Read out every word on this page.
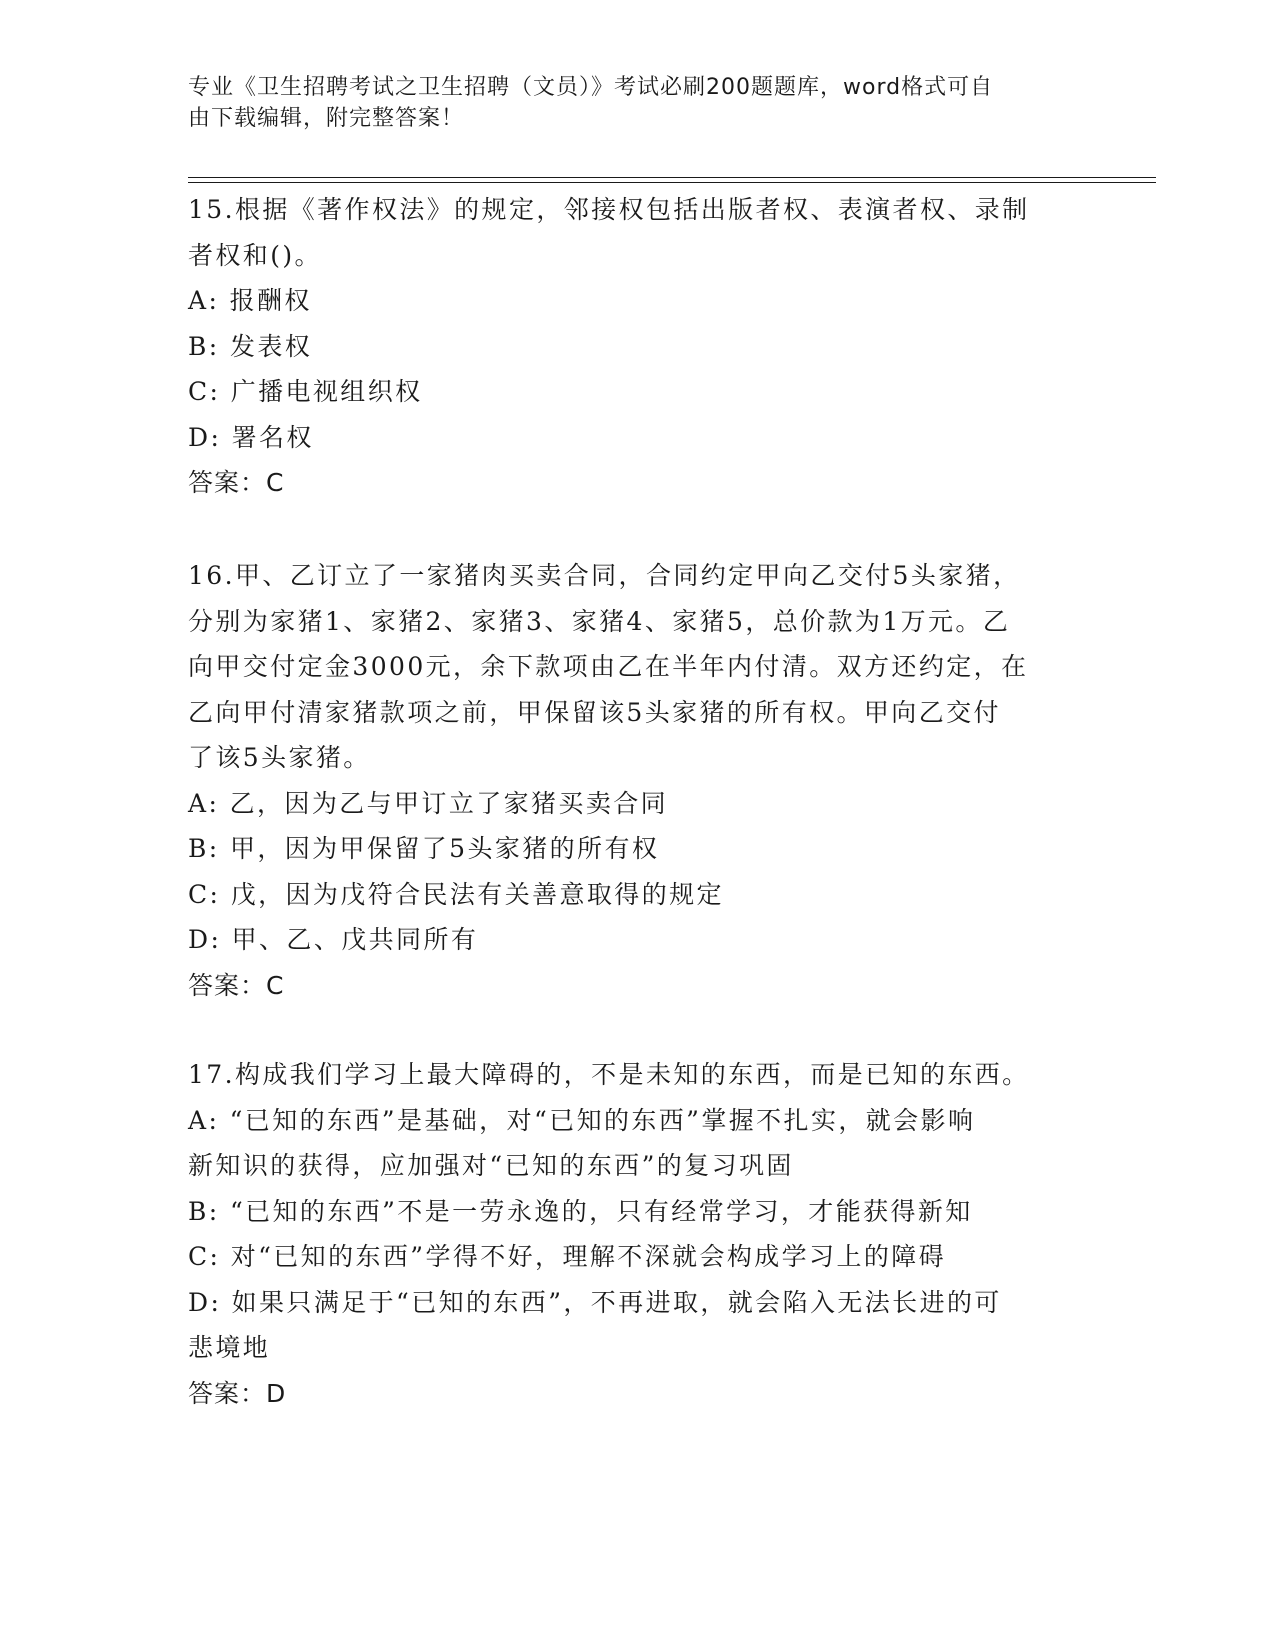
专业《卫生招聘考试之卫生招聘（文员）》考试必刷200题题库，word格式可自
由下载编辑，附完整答案！
15.根据《著作权法》的规定，邻接权包括出版者权、表演者权、录制
者权和()。
A: 报酬权
B: 发表权
C: 广播电视组织权
D: 署名权
答案：C
16.甲、乙订立了一家猪肉买卖合同，合同约定甲向乙交付5头家猪，
分别为家猪1、家猪2、家猪3、家猪4、家猪5，总价款为1万元。乙
向甲交付定金3000元，余下款项由乙在半年内付清。双方还约定，在
乙向甲付清家猪款项之前，甲保留该5头家猪的所有权。甲向乙交付
了该5头家猪。
A: 乙，因为乙与甲订立了家猪买卖合同
B: 甲，因为甲保留了5头家猪的所有权
C: 戊，因为戊符合民法有关善意取得的规定
D: 甲、乙、戊共同所有
答案：C
17.构成我们学习上最大障碍的，不是未知的东西，而是已知的东西。
A: “已知的东西”是基础，对“已知的东西”掌握不扎实，就会影响
新知识的获得，应加强对“已知的东西”的复习巩固
B: “已知的东西”不是一劳永逸的，只有经常学习，才能获得新知
C: 对“已知的东西”学得不好，理解不深就会构成学习上的障碍
D: 如果只满足于“已知的东西”，不再进取，就会陷入无法长进的可
悲境地
答案：D
